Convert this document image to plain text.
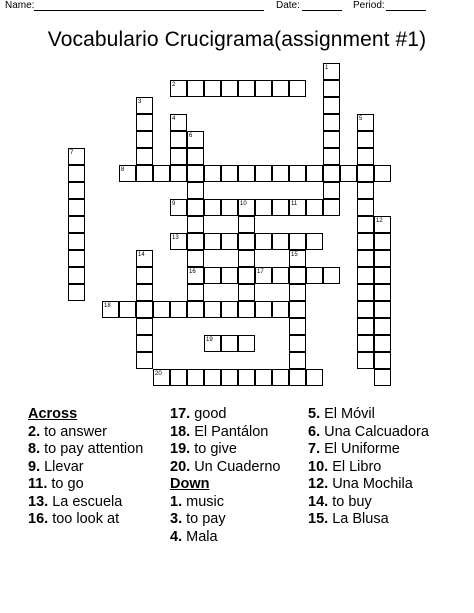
Name:	Date:	Period:
Vocabulario Crucigrama(assignment #1)
1
2
3
4	5
6
7
8
9	10	11
12
13
14	15
16	17
18
19
20
Across
2. to answer
8. to pay attention
9. Llevar
11. to go
13. La escuela
16. too look at
17. good
18. El Pantálon
19. to give
20. Un Cuaderno
Down
1. music
3. to pay
4. Mala
5. El Móvil
6. Una Calcuadora
7. El Uniforme
10. El Libro
12. Una Mochila
14. to buy
15. La Blusa
